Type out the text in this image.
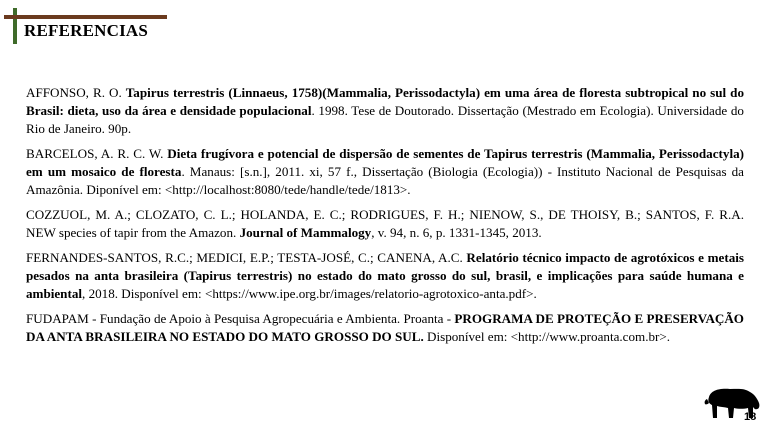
REFERENCIAS

AFFONSO, R. O. Tapirus terrestris (Linnaeus, 1758)(Mammalia, Perissodactyla) em uma área de floresta subtropical no sul do Brasil: dieta, uso da área e densidade populacional. 1998. Tese de Doutorado. Dissertação (Mestrado em Ecologia). Universidade do Rio de Janeiro. 90p.

BARCELOS, A. R. C. W. Dieta frugívora e potencial de dispersão de sementes de Tapirus terrestris (Mammalia, Perissodactyla) em um mosaico de floresta. Manaus: [s.n.], 2011. xi, 57 f., Dissertação (Biologia (Ecologia)) - Instituto Nacional de Pesquisas da Amazônia. Diponível em: <http://localhost:8080/tede/handle/tede/1813>.

COZZUOL, M. A.; CLOZATO, C. L.; HOLANDA, E. C.; RODRIGUES, F. H.; NIENOW, S., DE THOISY, B.; SANTOS, F. R.A. NEW species of tapir from the Amazon. Journal of Mammalogy, v. 94, n. 6, p. 1331-1345, 2013.

FERNANDES-SANTOS, R.C.; MEDICI, E.P.; TESTA-JOSÉ, C.; CANENA, A.C. Relatório técnico impacto de agrotóxicos e metais pesados na anta brasileira (Tapirus terrestris) no estado do mato grosso do sul, brasil, e implicações para saúde humana e ambiental, 2018. Disponível em: <https://www.ipe.org.br/images/relatorio-agrotoxico-anta.pdf>.

FUDAPAM - Fundação de Apoio à Pesquisa Agropecuária e Ambienta. Proanta - PROGRAMA DE PROTEÇÃO E PRESERVAÇÃO DA ANTA BRASILEIRA NO ESTADO DO MATO GROSSO DO SUL. Disponível em: <http://www.proanta.com.br>.

18
